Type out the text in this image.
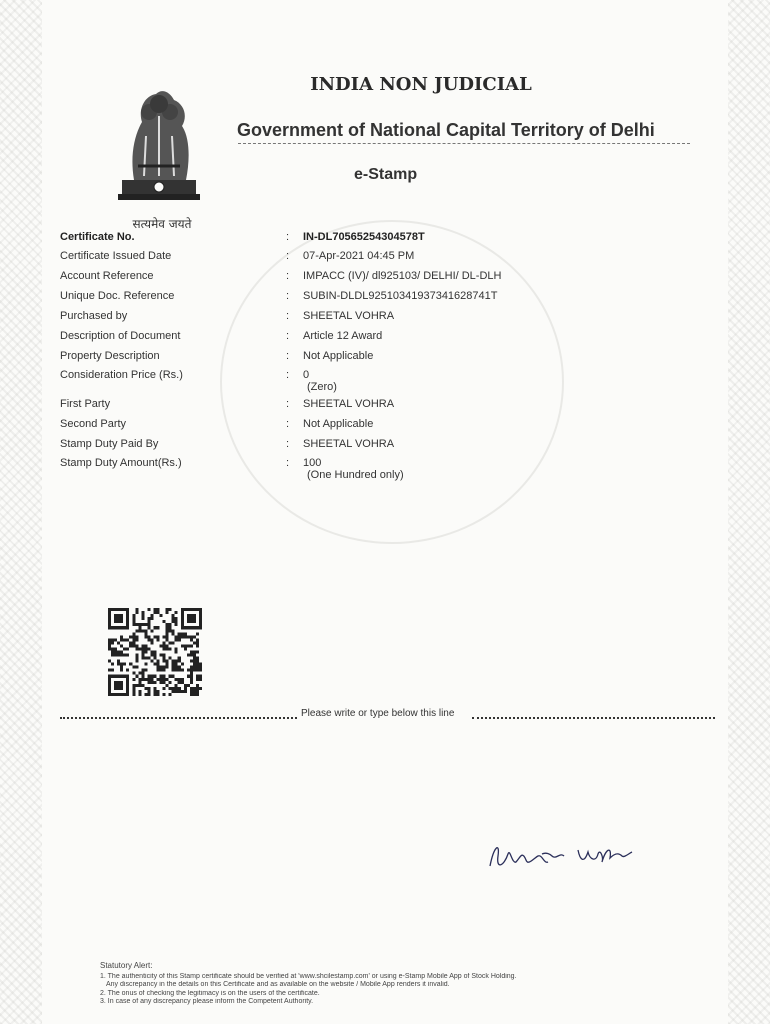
सत्यमेव जयते
INDIA NON JUDICIAL
Government of National Capital Territory of Delhi
e-Stamp
Certificate No.	: IN-DL70565254304578T
Certificate Issued Date	: 07-Apr-2021 04:45 PM
Account Reference	: IMPACC (IV)/ dl925103/ DELHI/ DL-DLH
Unique Doc. Reference	: SUBIN-DLDL92510341937341628741T
Purchased by	: SHEETAL VOHRA
Description of Document	: Article 12 Award
Property Description	: Not Applicable
Consideration Price (Rs.)	: 0
(Zero)
First Party	: SHEETAL VOHRA
Second Party	: Not Applicable
Stamp Duty Paid By	: SHEETAL VOHRA
Stamp Duty Amount(Rs.)	: 100
(One Hundred only)
Please write or type below this line
Statutory Alert:
1. The authenticity of this Stamp certificate should be verified at 'www.shcilestamp.com' or using e-Stamp Mobile App of Stock Holding.
Any discrepancy in the details on this Certificate and as available on the website / Mobile App renders it invalid.
2. The onus of checking the legitimacy is on the users of the certificate.
3. In case of any discrepancy please inform the Competent Authority.
